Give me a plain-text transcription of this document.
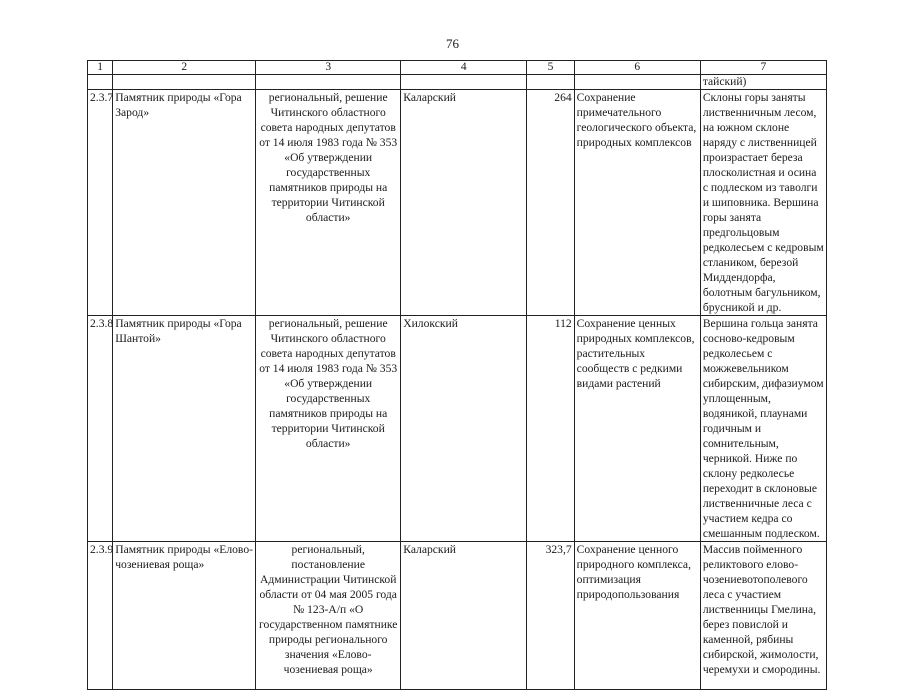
76
1	2	3	4	5	6	7
						тайский)
2.3.7	Памятник природы «Гора Зарод»	региональный, решение Читинского областного совета народных депутатов от 14 июля 1983 года № 353 «Об утверждении государственных памятников природы на территории Читинской области»	Каларский	264	Сохранение примечательного геологического объекта, природных комплексов	Склоны горы заняты лиственничным лесом, на южном склоне наряду с лиственницей произрастает береза плосколистная и осина с подлеском из таволги и шиповника. Вершина горы занята предгольцовым редколесьем с кедровым стлаником, березой Миддендорфа, болотным багульником, брусникой и др.
2.3.8	Памятник природы «Гора Шантой»	региональный, решение Читинского областного совета народных депутатов от 14 июля 1983 года № 353 «Об утверждении государственных памятников природы на территории Читинской области»	Хилокский	112	Сохранение ценных природных комплексов, растительных сообществ с редкими видами растений	Вершина гольца занята сосново-кедровым редколесьем с можжевельником сибирским, дифазиумом уплощенным, водяникой, плаунами годичным и сомнительным, черникой. Ниже по склону редколесье переходит в склоновые лиственничные леса с участием кедра со смешанным подлеском.
2.3.9	Памятник природы «Елово-чозениевая роща»	региональный, постановление Администрации Читинской области от 04 мая 2005 года № 123-А/п «О государственном памятнике природы регионального значения «Елово-чозениевая роща»	Каларский	323,7	Сохранение ценного природного комплекса, оптимизация природопользования	Массив пойменного реликтового елово-чозениевотополевого леса с участием лиственницы Гмелина, берез повислой и каменной, рябины сибирской, жимолости, черемухи и смородины.
